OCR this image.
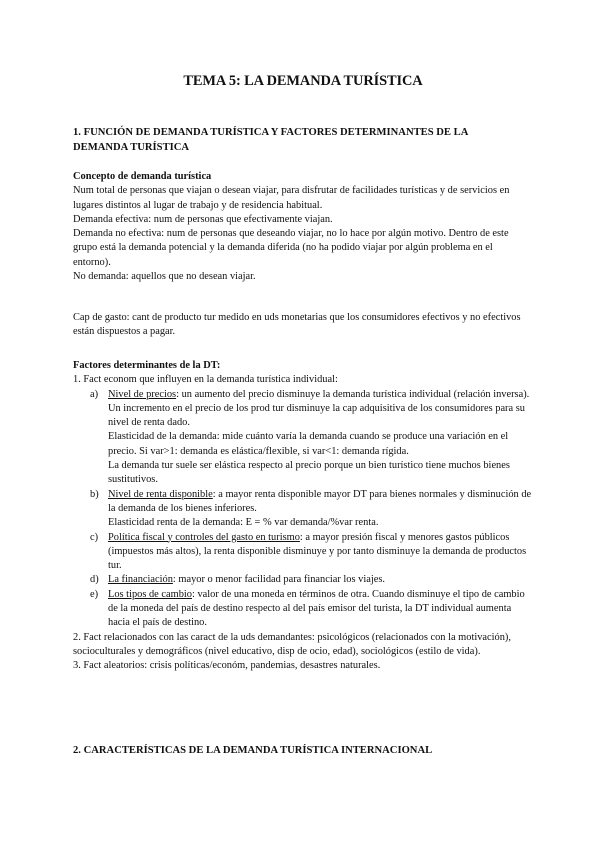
TEMA 5: LA DEMANDA TURÍSTICA
1. FUNCIÓN DE DEMANDA TURÍSTICA Y FACTORES DETERMINANTES DE LA DEMANDA TURÍSTICA

Concepto de demanda turística

Num total de personas que viajan o desean viajar, para disfrutar de facilidades turísticas y de servicios en lugares distintos al lugar de trabajo y de residencia habitual.

Demanda efectiva: num de personas que efectivamente viajan.

Demanda no efectiva: num de personas que deseando viajar, no lo hace por algún motivo. Dentro de este grupo está la demanda potencial y la demanda diferida (no ha podido viajar por algún problema en el entorno).

No demanda: aquellos que no desean viajar.

Cap de gasto: cant de producto tur medido en uds monetarias que los consumidores efectivos y no efectivos están dispuestos a pagar.

Factores determinantes de la DT:

1. Fact econom que influyen en la demanda turística individual:

a) Nivel de precios: un aumento del precio disminuye la demanda turística individual (relación inversa). Un incremento en el precio de los prod tur disminuye la cap adquisitiva de los consumidores para su nivel de renta dado.

Elasticidad de la demanda: mide cuánto varía la demanda cuando se produce una variación en el precio. Si var>1: demanda es elástica/flexible, si var<1: demanda rígida.

La demanda tur suele ser elástica respecto al precio porque un bien turístico tiene muchos bienes sustitutivos.

b) Nivel de renta disponible: a mayor renta disponible mayor DT para bienes normales y disminución de la demanda de los bienes inferiores.

Elasticidad renta de la demanda: E = % var demanda/%var renta.

c) Política fiscal y controles del gasto en turismo: a mayor presión fiscal y menores gastos públicos (impuestos más altos), la renta disponible disminuye y por tanto disminuye la demanda de productos tur.
d) La financiación: mayor o menor facilidad para financiar los viajes.
e) Los tipos de cambio: valor de una moneda en términos de otra. Cuando disminuye el tipo de cambio de la moneda del país de destino respecto al del país emisor del turista, la DT individual aumenta hacia el país de destino.

2. Fact relacionados con las caract de la uds demandantes: psicológicos (relacionados con la motivación), socioculturales y demográficos (nivel educativo, disp de ocio, edad), sociológicos (estilo de vida).

3. Fact aleatorios: crisis políticas/económ, pandemias, desastres naturales.

2. CARACTERÍSTICAS DE LA DEMANDA TURÍSTICA INTERNACIONAL
